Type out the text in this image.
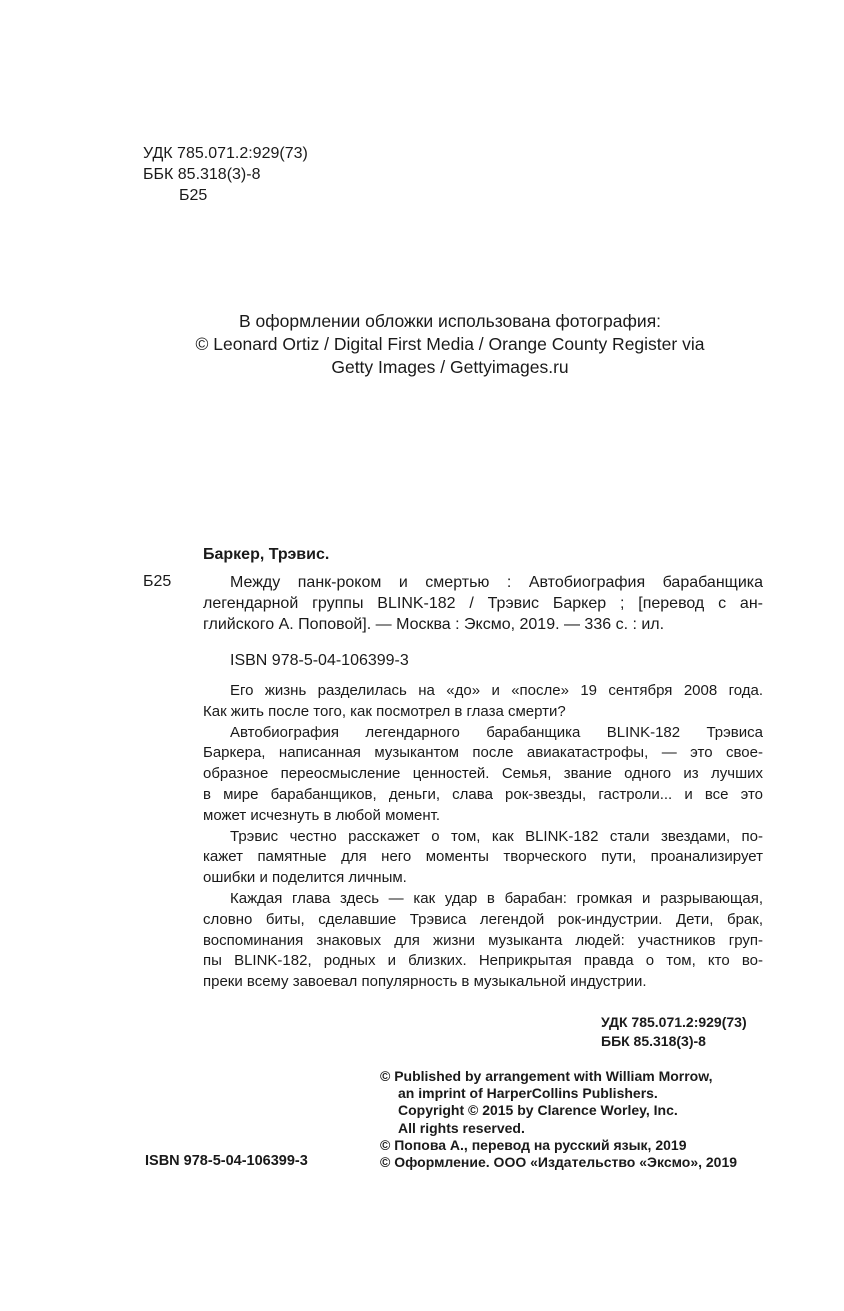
УДК 785.071.2:929(73)
ББК 85.318(3)-8
Б25
В оформлении обложки использована фотография:
© Leonard Ortiz / Digital First Media / Orange County Register via
Getty Images / Gettyimages.ru
Баркер, Трэвис.
Б25	Между панк-роком и смертью : Автобиография барабанщика
легендарной группы BLINK-182 / Трэвис Баркер ; [перевод с ан-
глийского А. Поповой]. — Москва : Эксмо, 2019. — 336 с. : ил.
ISBN 978-5-04-106399-3
Его жизнь разделилась на «до» и «после» 19 сентября 2008 года.
Как жить после того, как посмотрел в глаза смерти?
Автобиография легендарного барабанщика BLINK-182 Трэвиса
Баркера, написанная музыкантом после авиакатастрофы, — это свое-
образное переосмысление ценностей. Семья, звание одного из лучших
в мире барабанщиков, деньги, слава рок-звезды, гастроли... и все это
может исчезнуть в любой момент.
Трэвис честно расскажет о том, как BLINK-182 стали звездами, по-
кажет памятные для него моменты творческого пути, проанализирует
ошибки и поделится личным.
Каждая глава здесь — как удар в барабан: громкая и разрывающая,
словно биты, сделавшие Трэвиса легендой рок-индустрии. Дети, брак,
воспоминания знаковых для жизни музыканта людей: участников груп-
пы BLINK-182, родных и близких. Неприкрытая правда о том, кто во-
преки всему завоевал популярность в музыкальной индустрии.
УДК 785.071.2:929(73)
ББК 85.318(3)-8
© Published by arrangement with William Morrow,
an imprint of HarperCollins Publishers.
Copyright © 2015 by Clarence Worley, Inc.
All rights reserved.
© Попова А., перевод на русский язык, 2019
© Оформление. ООО «Издательство «Эксмо», 2019
ISBN 978-5-04-106399-3
